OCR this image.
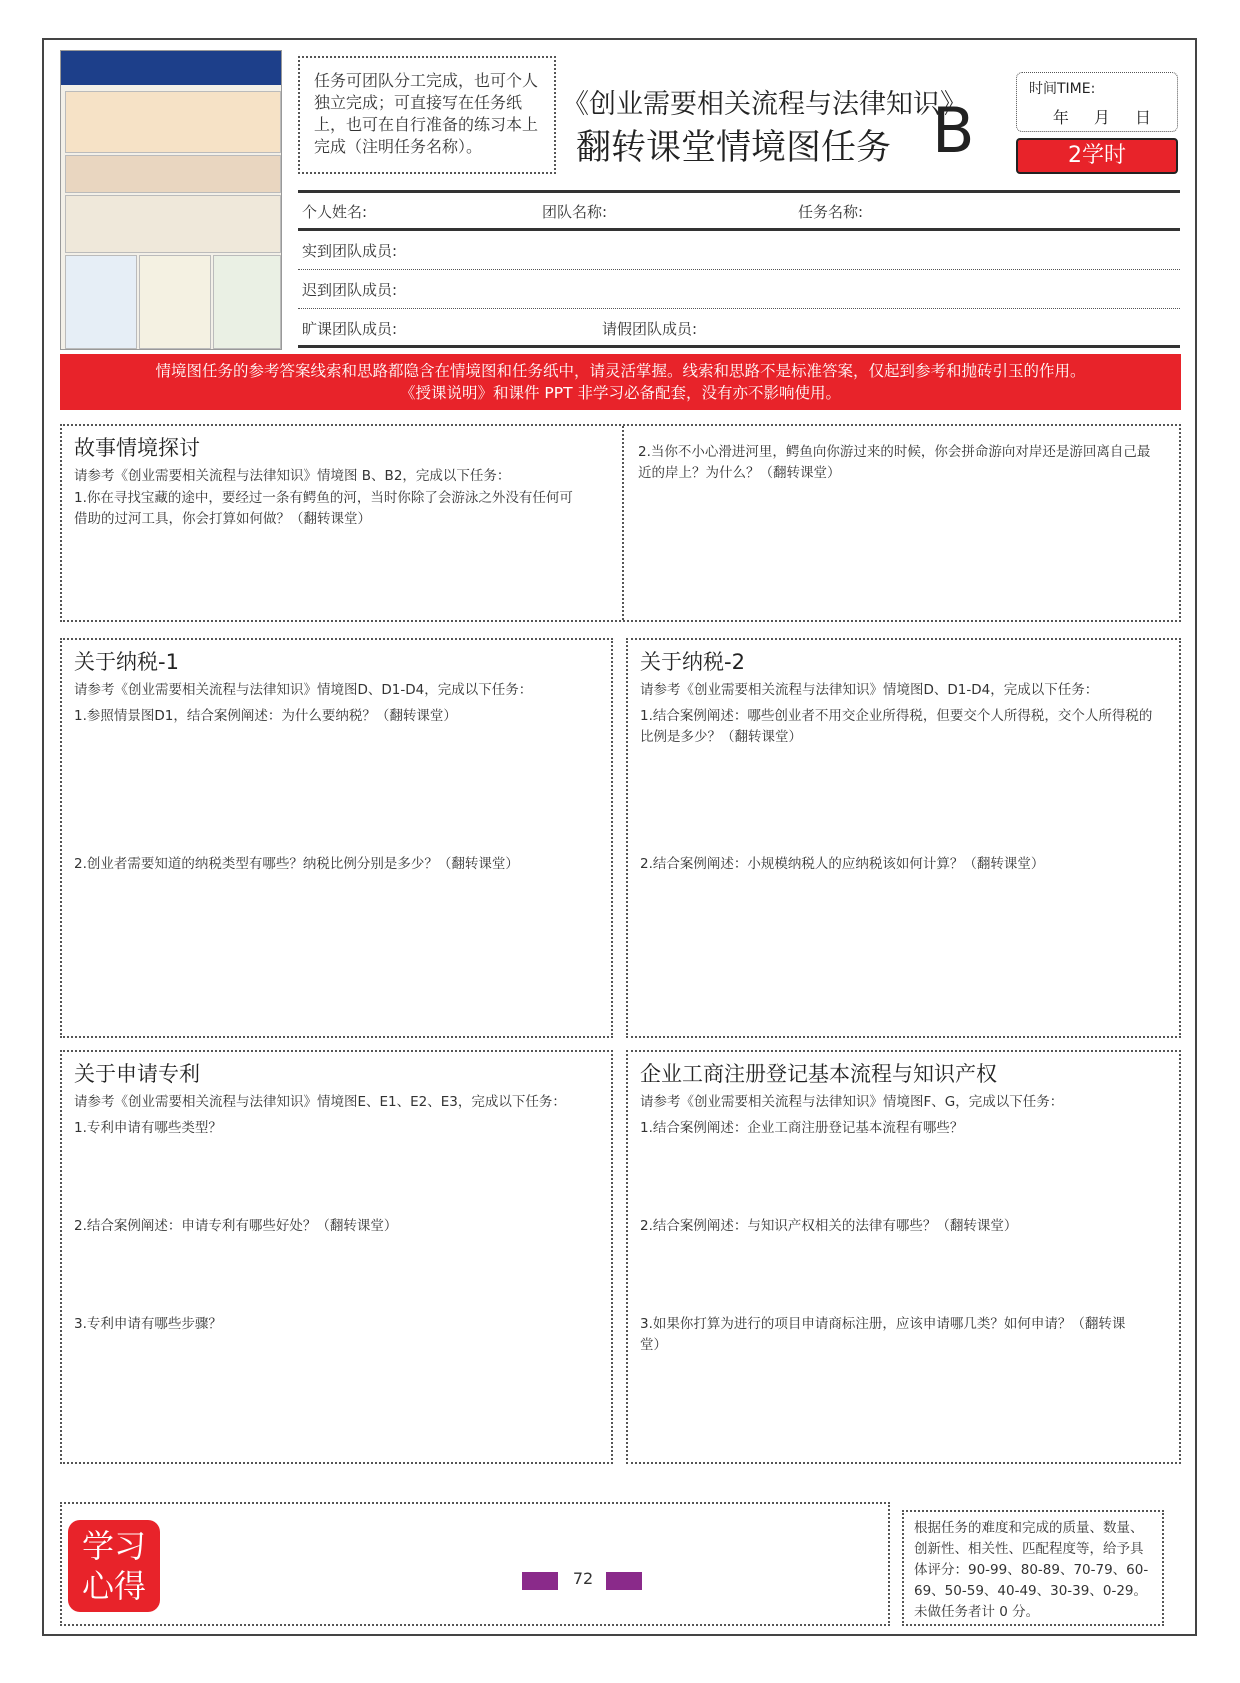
任务可团队分工完成，也可个人独立完成；可直接写在任务纸上，也可在自行准备的练习本上完成（注明任务名称）。
《创业需要相关流程与法律知识》
翻转课堂情境图任务 B
时间TIME:
年 月 日
2学时
个人姓名:	团队名称:	任务名称:
实到团队成员:
迟到团队成员:
旷课团队成员:	请假团队成员:
情境图任务的参考答案线索和思路都隐含在情境图和任务纸中，请灵活掌握。线索和思路不是标准答案，仅起到参考和抛砖引玉的作用。
《授课说明》和课件 PPT 非学习必备配套，没有亦不影响使用。
故事情境探讨
请参考《创业需要相关流程与法律知识》情境图 B、B2，完成以下任务：
1.你在寻找宝藏的途中，要经过一条有鳄鱼的河，当时你除了会游泳之外没有任何可借助的过河工具，你会打算如何做？（翻转课堂）
2.当你不小心滑进河里，鳄鱼向你游过来的时候，你会拼命游向对岸还是游回离自己最近的岸上？为什么？（翻转课堂）
关于纳税-1
请参考《创业需要相关流程与法律知识》情境图D、D1-D4，完成以下任务：
1.参照情景图D1，结合案例阐述：为什么要纳税？（翻转课堂）
2.创业者需要知道的纳税类型有哪些？纳税比例分别是多少？（翻转课堂）
关于纳税-2
请参考《创业需要相关流程与法律知识》情境图D、D1-D4，完成以下任务：
1.结合案例阐述：哪些创业者不用交企业所得税，但要交个人所得税，交个人所得税的比例是多少？（翻转课堂）
2.结合案例阐述：小规模纳税人的应纳税该如何计算？（翻转课堂）
关于申请专利
请参考《创业需要相关流程与法律知识》情境图E、E1、E2、E3，完成以下任务：
1.专利申请有哪些类型？
2.结合案例阐述：申请专利有哪些好处？（翻转课堂）
3.专利申请有哪些步骤？
企业工商注册登记基本流程与知识产权
请参考《创业需要相关流程与法律知识》情境图F、G，完成以下任务：
1.结合案例阐述：企业工商注册登记基本流程有哪些？
2.结合案例阐述：与知识产权相关的法律有哪些？（翻转课堂）
3.如果你打算为进行的项目申请商标注册，应该申请哪几类？如何申请？（翻转课堂）
学习
心得
根据任务的难度和完成的质量、数量、创新性、相关性、匹配程度等，给予具体评分：90-99、80-89、70-79、60-69、50-59、40-49、30-39、0-29。未做任务者计 0 分。
72
